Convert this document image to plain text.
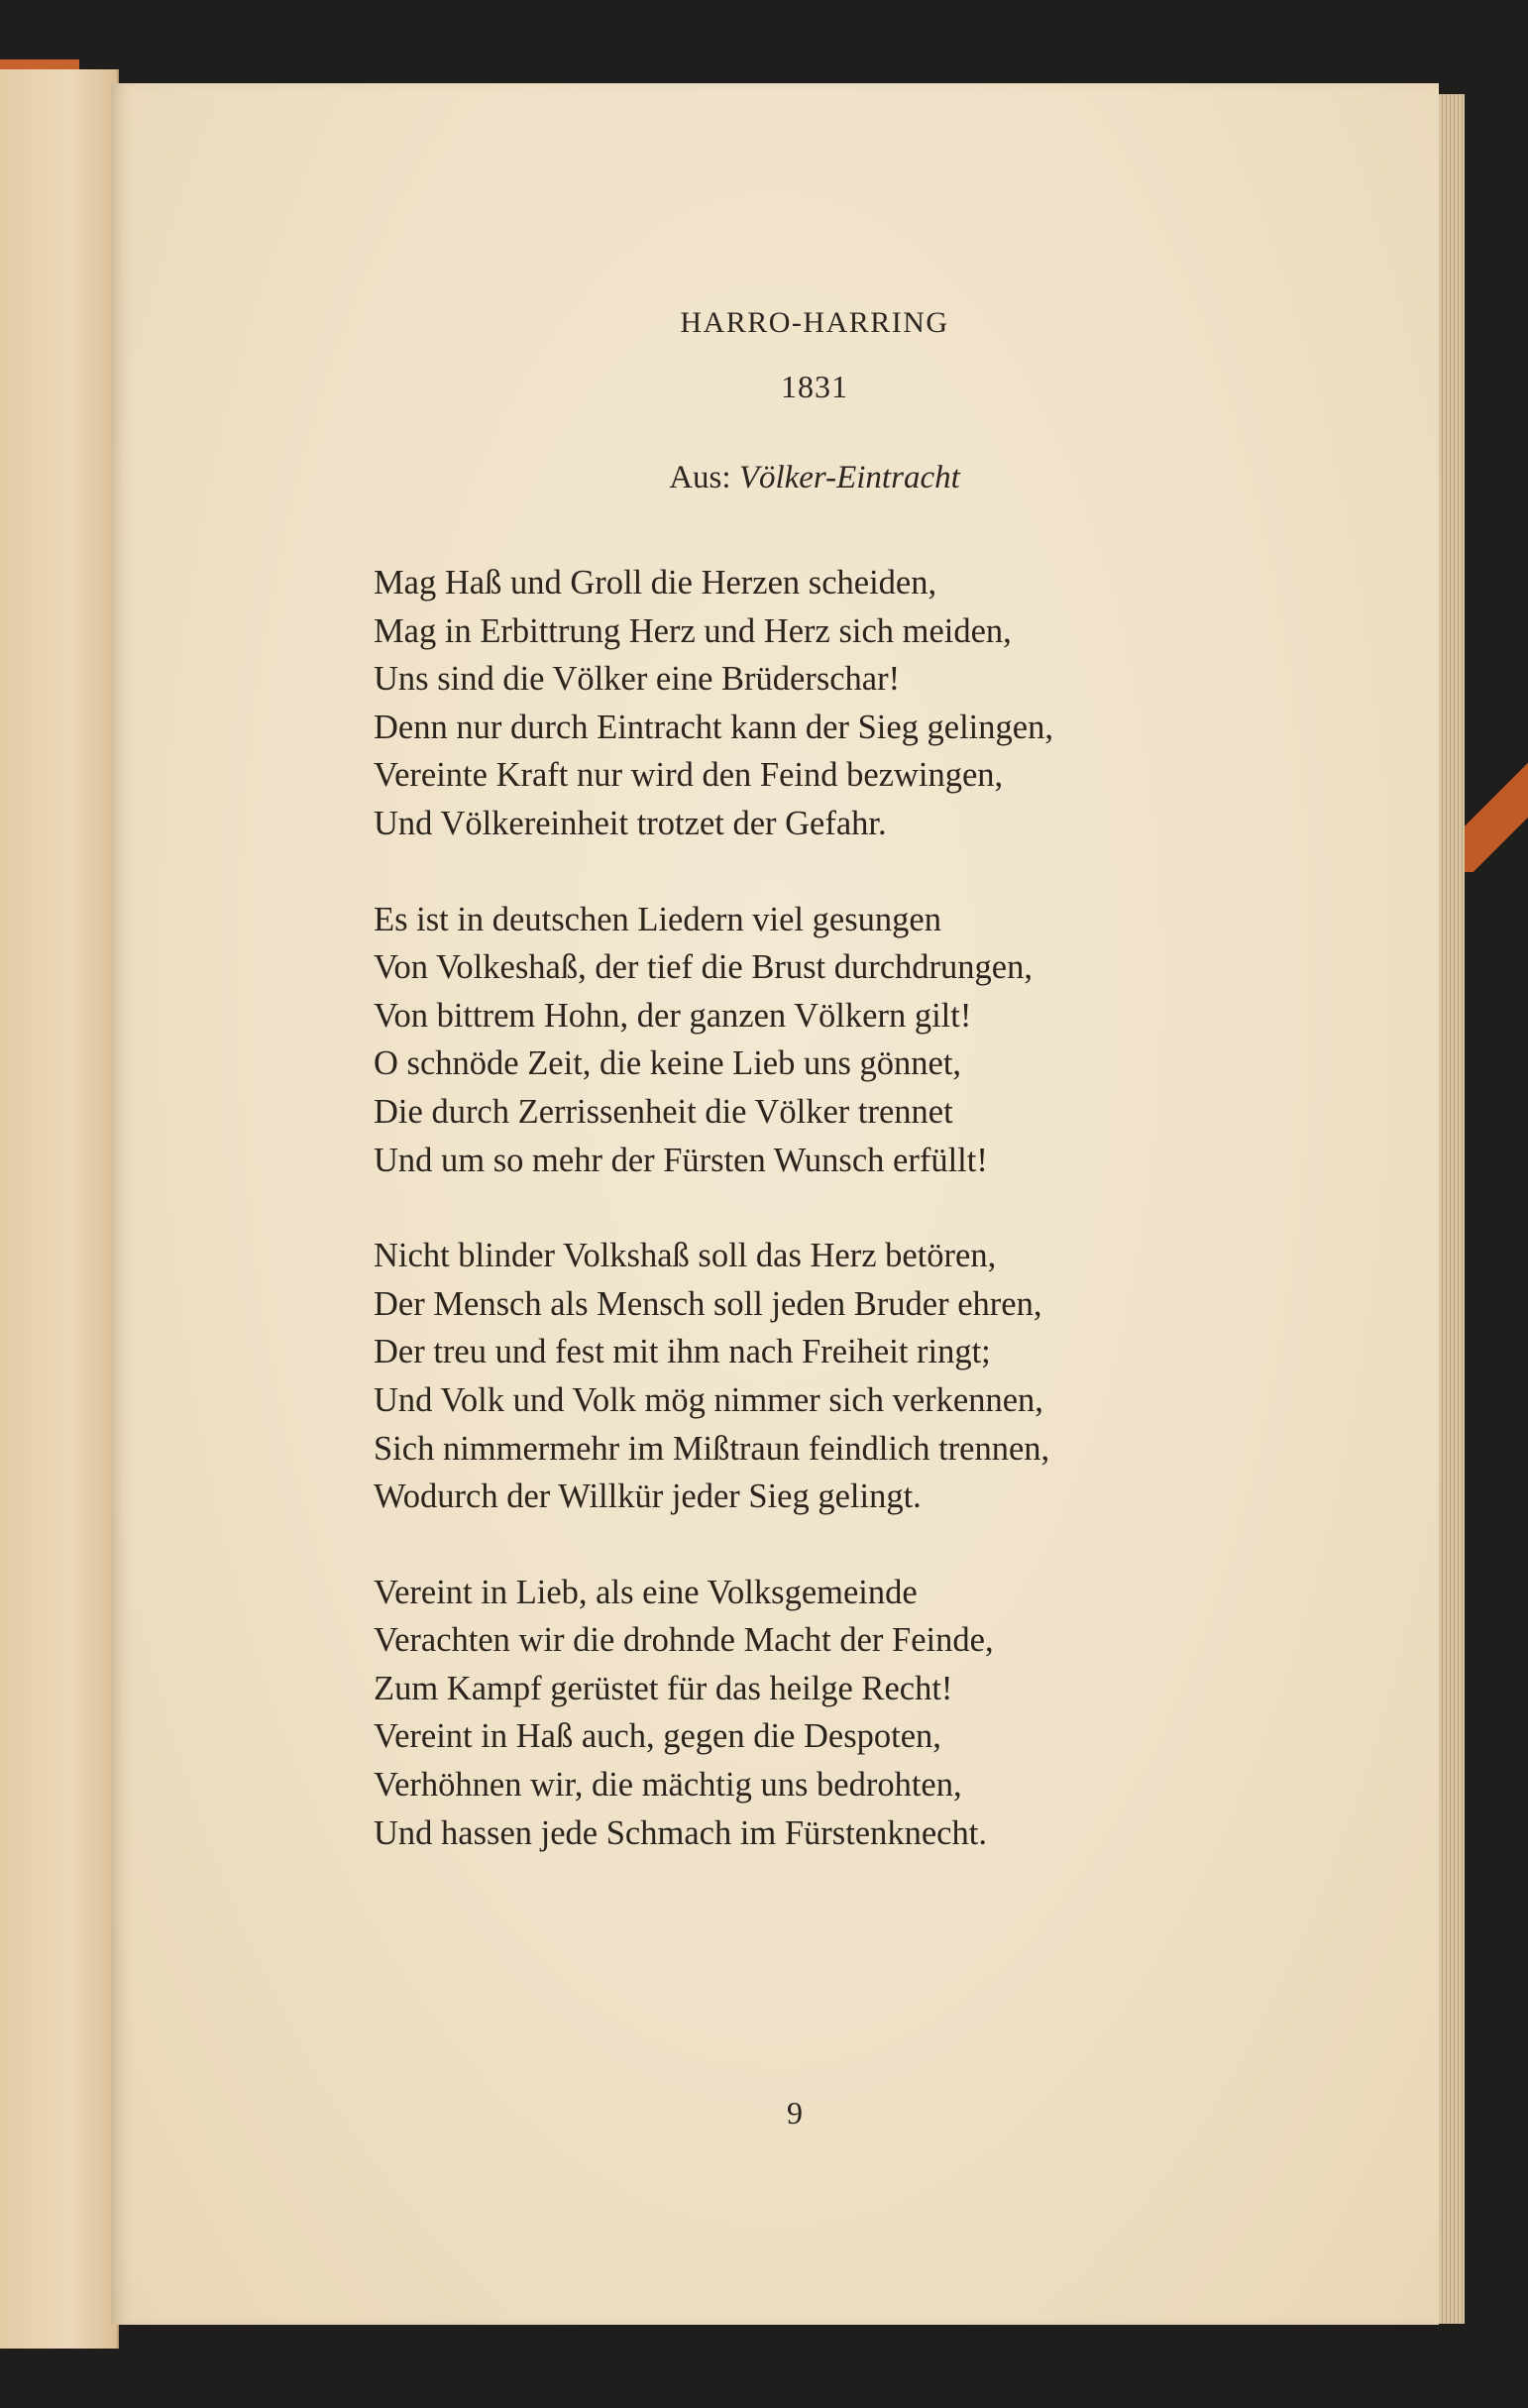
HARRO-HARRING
1831
Aus: Völker-Eintracht
Mag Haß und Groll die Herzen scheiden,
Mag in Erbittrung Herz und Herz sich meiden,
Uns sind die Völker eine Brüderschar!
Denn nur durch Eintracht kann der Sieg gelingen,
Vereinte Kraft nur wird den Feind bezwingen,
Und Völkereinheit trotzet der Gefahr.
Es ist in deutschen Liedern viel gesungen
Von Volkeshaß, der tief die Brust durchdrungen,
Von bittrem Hohn, der ganzen Völkern gilt!
O schnöde Zeit, die keine Lieb uns gönnet,
Die durch Zerrissenheit die Völker trennet
Und um so mehr der Fürsten Wunsch erfüllt!
Nicht blinder Volkshaß soll das Herz betören,
Der Mensch als Mensch soll jeden Bruder ehren,
Der treu und fest mit ihm nach Freiheit ringt;
Und Volk und Volk mög nimmer sich verkennen,
Sich nimmermehr im Mißtraun feindlich trennen,
Wodurch der Willkür jeder Sieg gelingt.
Vereint in Lieb, als eine Volksgemeinde
Verachten wir die drohnde Macht der Feinde,
Zum Kampf gerüstet für das heilge Recht!
Vereint in Haß auch, gegen die Despoten,
Verhöhnen wir, die mächtig uns bedrohten,
Und hassen jede Schmach im Fürstenknecht.
9
